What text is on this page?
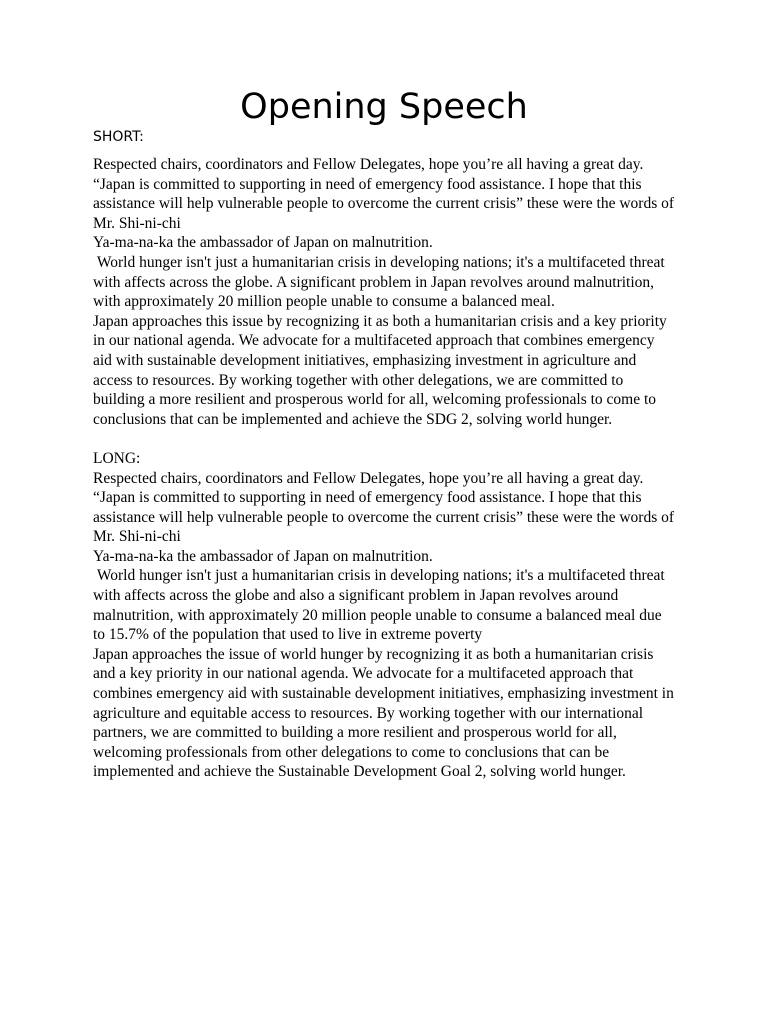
Opening Speech

SHORT:

Respected chairs, coordinators and Fellow Delegates, hope you’re all having a great day. “Japan is committed to supporting in need of emergency food assistance. I hope that this assistance will help vulnerable people to overcome the current crisis” these were the words of Mr. Shi-ni-chi

Ya-ma-na-ka the ambassador of Japan on malnutrition.

World hunger isn't just a humanitarian crisis in developing nations; it's a multifaceted threat with affects across the globe. A significant problem in Japan revolves around malnutrition, with approximately 20 million people unable to consume a balanced meal.

Japan approaches this issue by recognizing it as both a humanitarian crisis and a key priority in our national agenda. We advocate for a multifaceted approach that combines emergency aid with sustainable development initiatives, emphasizing investment in agriculture and access to resources. By working together with other delegations, we are committed to building a more resilient and prosperous world for all, welcoming professionals to come to conclusions that can be implemented and achieve the SDG 2, solving world hunger.

LONG:

Respected chairs, coordinators and Fellow Delegates, hope you’re all having a great day. “Japan is committed to supporting in need of emergency food assistance. I hope that this assistance will help vulnerable people to overcome the current crisis” these were the words of Mr. Shi-ni-chi

Ya-ma-na-ka the ambassador of Japan on malnutrition.

World hunger isn't just a humanitarian crisis in developing nations; it's a multifaceted threat with affects across the globe and also a significant problem in Japan revolves around malnutrition, with approximately 20 million people unable to consume a balanced meal due to 15.7% of the population that used to live in extreme poverty

Japan approaches the issue of world hunger by recognizing it as both a humanitarian crisis and a key priority in our national agenda. We advocate for a multifaceted approach that combines emergency aid with sustainable development initiatives, emphasizing investment in agriculture and equitable access to resources. By working together with our international partners, we are committed to building a more resilient and prosperous world for all, welcoming professionals from other delegations to come to conclusions that can be implemented and achieve the Sustainable Development Goal 2, solving world hunger.
